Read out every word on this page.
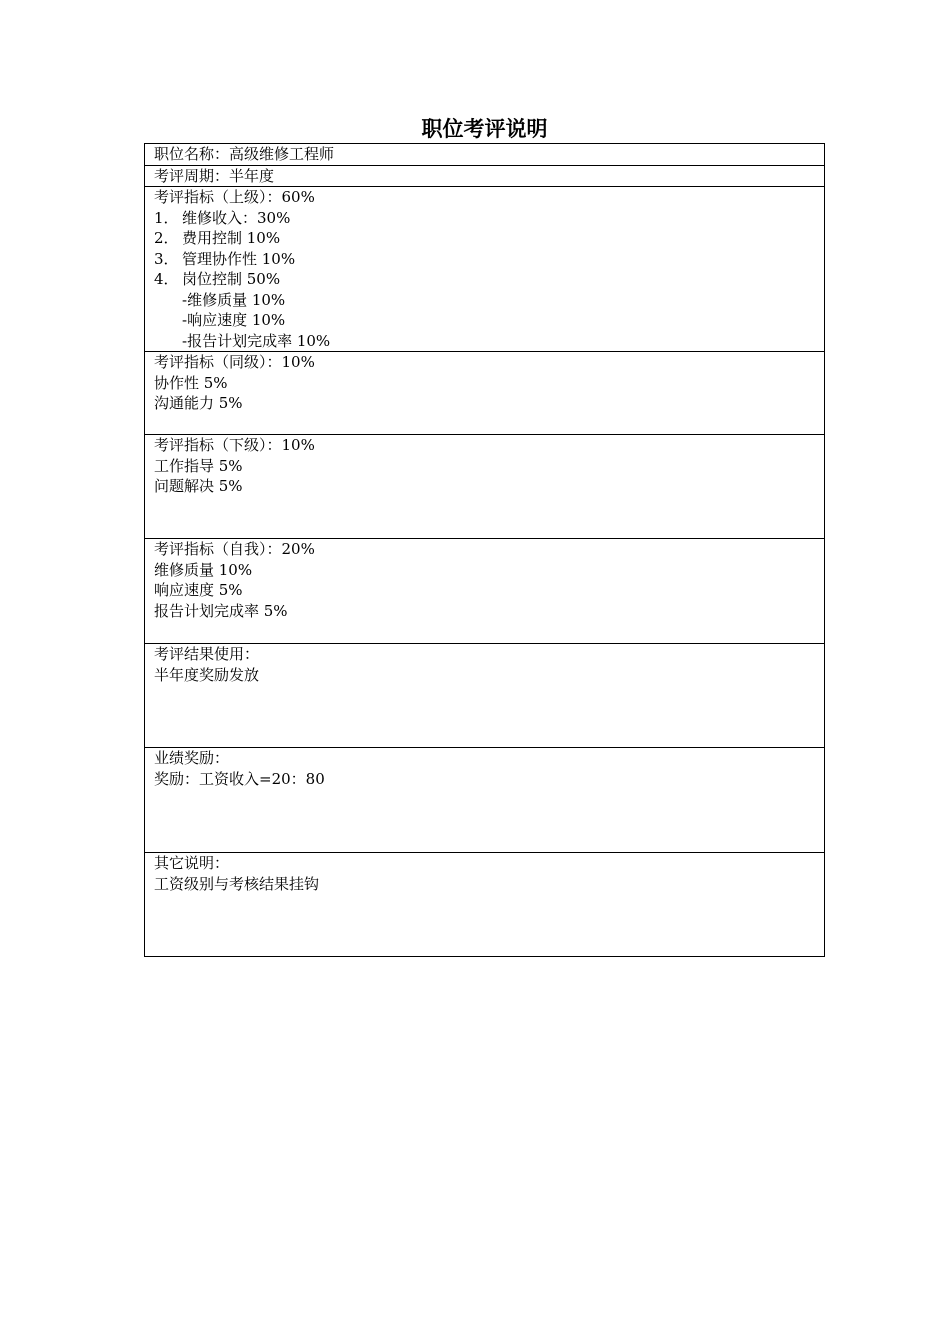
职位考评说明
职位名称：高级维修工程师

考评周期：半年度

考评指标（上级）：60%
1． 维修收入：30%
2． 费用控制 10%
3． 管理协作性 10%
4． 岗位控制 50%
-维修质量 10%
-响应速度 10%
-报告计划完成率 10%

考评指标（同级）：10%
协作性 5%
沟通能力 5%

考评指标（下级）：10%
工作指导 5%
问题解决 5%

考评指标（自我）：20%
维修质量 10%
响应速度 5%
报告计划完成率 5%

考评结果使用：
半年度奖励发放

业绩奖励：
奖励：工资收入=20：80

其它说明：
工资级别与考核结果挂钩
